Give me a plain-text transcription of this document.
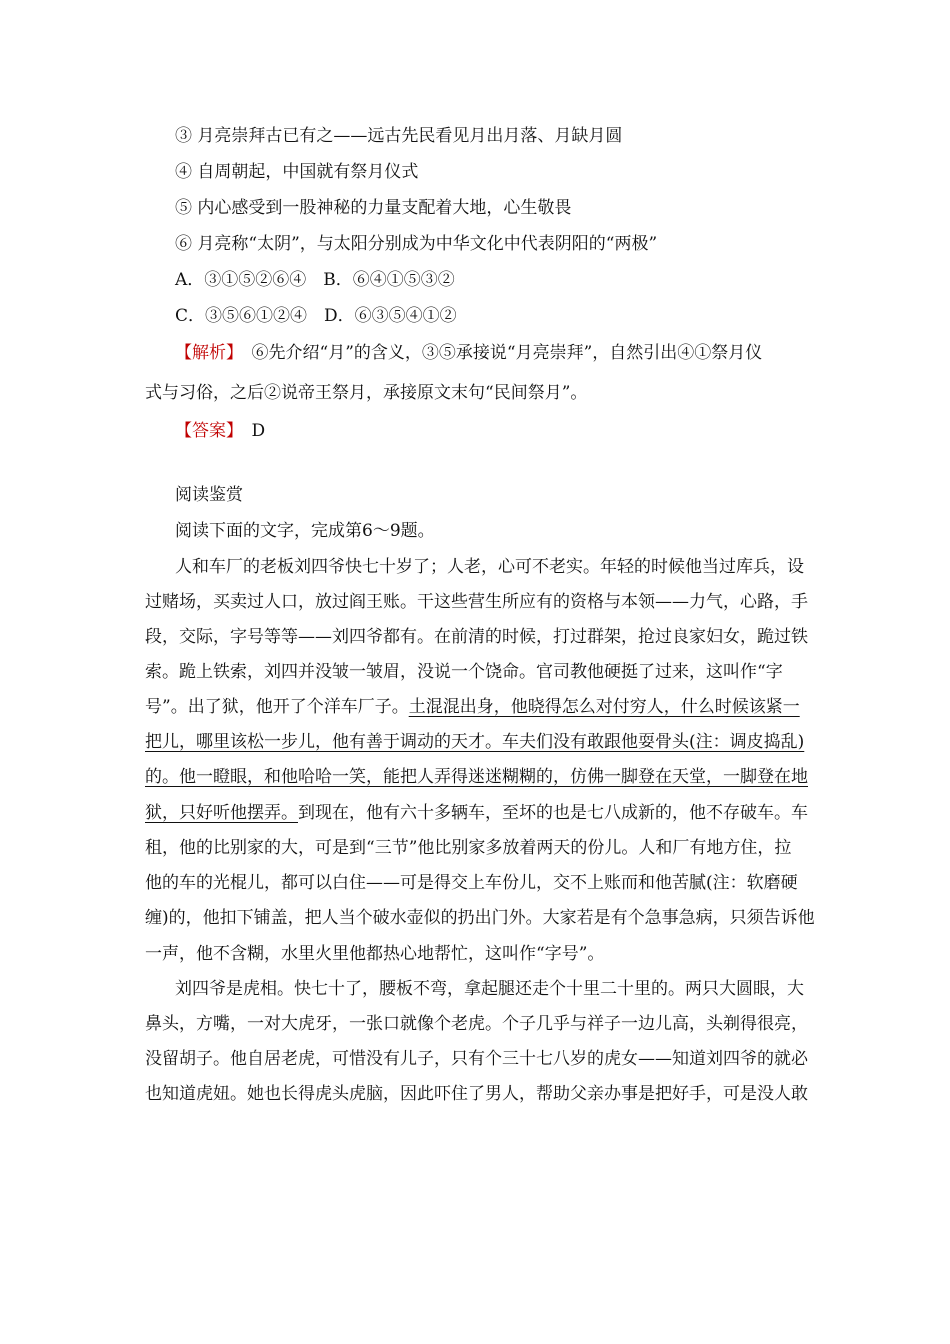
③ 月亮崇拜古已有之——远古先民看见月出月落、月缺月圆
④ 自周朝起，中国就有祭月仪式
⑤ 内心感受到一股神秘的力量支配着大地，心生敬畏
⑥ 月亮称“太阴”，与太阳分别成为中华文化中代表阴阳的“两极”
A．③①⑤②⑥④　B．⑥④①⑤③②
C．③⑤⑥①②④　D．⑥③⑤④①②
【解析】　⑥先介绍“月”的含义，③⑤承接说“月亮崇拜”，自然引出④①祭月仪
式与习俗，之后②说帝王祭月，承接原文末句“民间祭月”。
【答案】　D
阅读鉴赏
阅读下面的文字，完成第6～9题。
人和车厂的老板刘四爷快七十岁了；人老，心可不老实。年轻的时候他当过库兵，设
过赌场，买卖过人口，放过阎王账。干这些营生所应有的资格与本领——力气，心路，手
段，交际，字号等等——刘四爷都有。在前清的时候，打过群架，抢过良家妇女，跪过铁
索。跪上铁索，刘四并没皱一皱眉，没说一个饶命。官司教他硬挺了过来，这叫作“字
号”。出了狱，他开了个洋车厂子。土混混出身，他晓得怎么对付穷人，什么时候该紧一
把儿，哪里该松一步儿，他有善于调动的天才。车夫们没有敢跟他耍骨头(注：调皮捣乱)
的。他一瞪眼，和他哈哈一笑，能把人弄得迷迷糊糊的，仿佛一脚登在天堂，一脚登在地
狱，只好听他摆弄。到现在，他有六十多辆车，至坏的也是七八成新的，他不存破车。车
租，他的比别家的大，可是到“三节”他比别家多放着两天的份儿。人和厂有地方住，拉
他的车的光棍儿，都可以白住——可是得交上车份儿，交不上账而和他苦腻(注：软磨硬
缠)的，他扣下铺盖，把人当个破水壶似的扔出门外。大家若是有个急事急病，只须告诉他
一声，他不含糊，水里火里他都热心地帮忙，这叫作“字号”。
刘四爷是虎相。快七十了，腰板不弯，拿起腿还走个十里二十里的。两只大圆眼，大
鼻头，方嘴，一对大虎牙，一张口就像个老虎。个子几乎与祥子一边儿高，头剃得很亮，
没留胡子。他自居老虎，可惜没有儿子，只有个三十七八岁的虎女——知道刘四爷的就必
也知道虎妞。她也长得虎头虎脑，因此吓住了男人，帮助父亲办事是把好手，可是没人敢
